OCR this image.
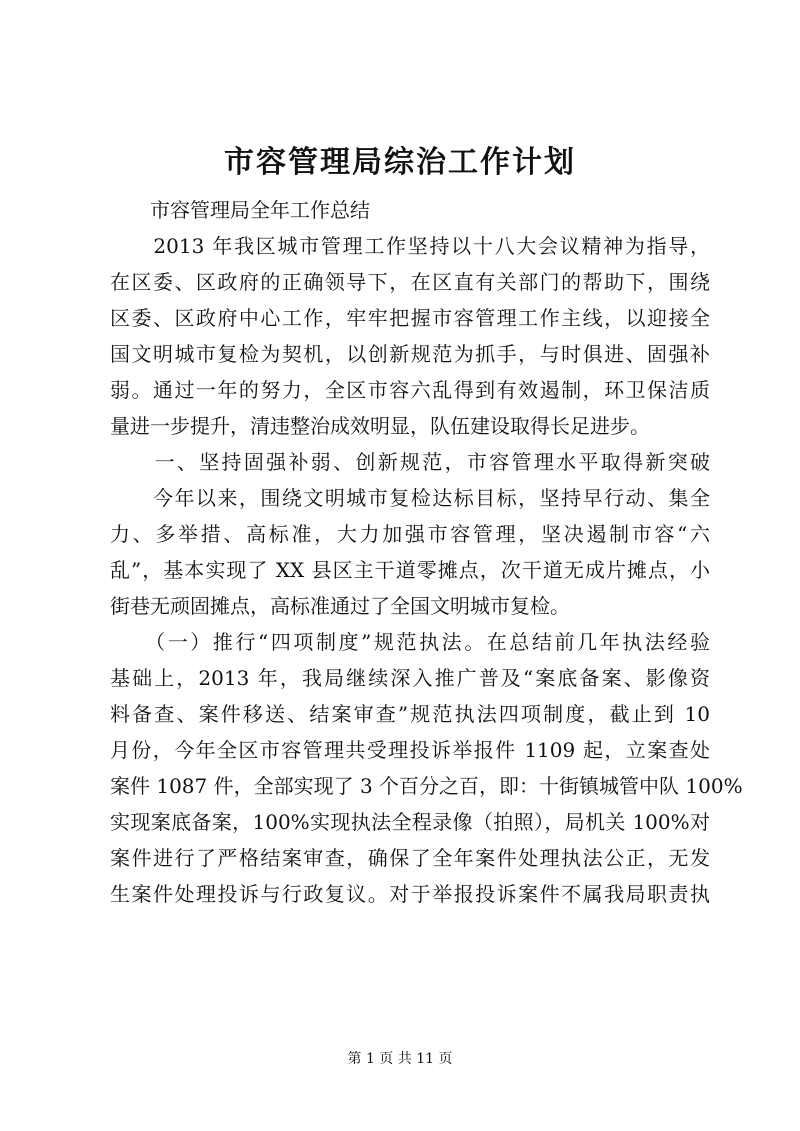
市容管理局综治工作计划
　　市容管理局全年工作总结
　　2013 年我区城市管理工作坚持以十八大会议精神为指导，
在区委、区政府的正确领导下，在区直有关部门的帮助下，围绕
区委、区政府中心工作，牢牢把握市容管理工作主线，以迎接全
国文明城市复检为契机，以创新规范为抓手，与时俱进、固强补
弱。通过一年的努力，全区市容六乱得到有效遏制，环卫保洁质
量进一步提升，清违整治成效明显，队伍建设取得长足进步。
　　一、坚持固强补弱、创新规范，市容管理水平取得新突破
　　今年以来，围绕文明城市复检达标目标，坚持早行动、集全
力、多举措、高标准，大力加强市容管理，坚决遏制市容“六
乱”，基本实现了 XX 县区主干道零摊点，次干道无成片摊点，小
街巷无顽固摊点，高标准通过了全国文明城市复检。
　　（一）推行“四项制度”规范执法。在总结前几年执法经验
基础上，2013 年，我局继续深入推广普及“案底备案、影像资
料备查、案件移送、结案审查”规范执法四项制度，截止到 10
月份，今年全区市容管理共受理投诉举报件 1109 起，立案查处
案件 1087 件，全部实现了 3 个百分之百，即：十街镇城管中队 100%
实现案底备案，100%实现执法全程录像（拍照），局机关 100%对
案件进行了严格结案审查，确保了全年案件处理执法公正，无发
生案件处理投诉与行政复议。对于举报投诉案件不属我局职责执
第 1 页 共 11 页
